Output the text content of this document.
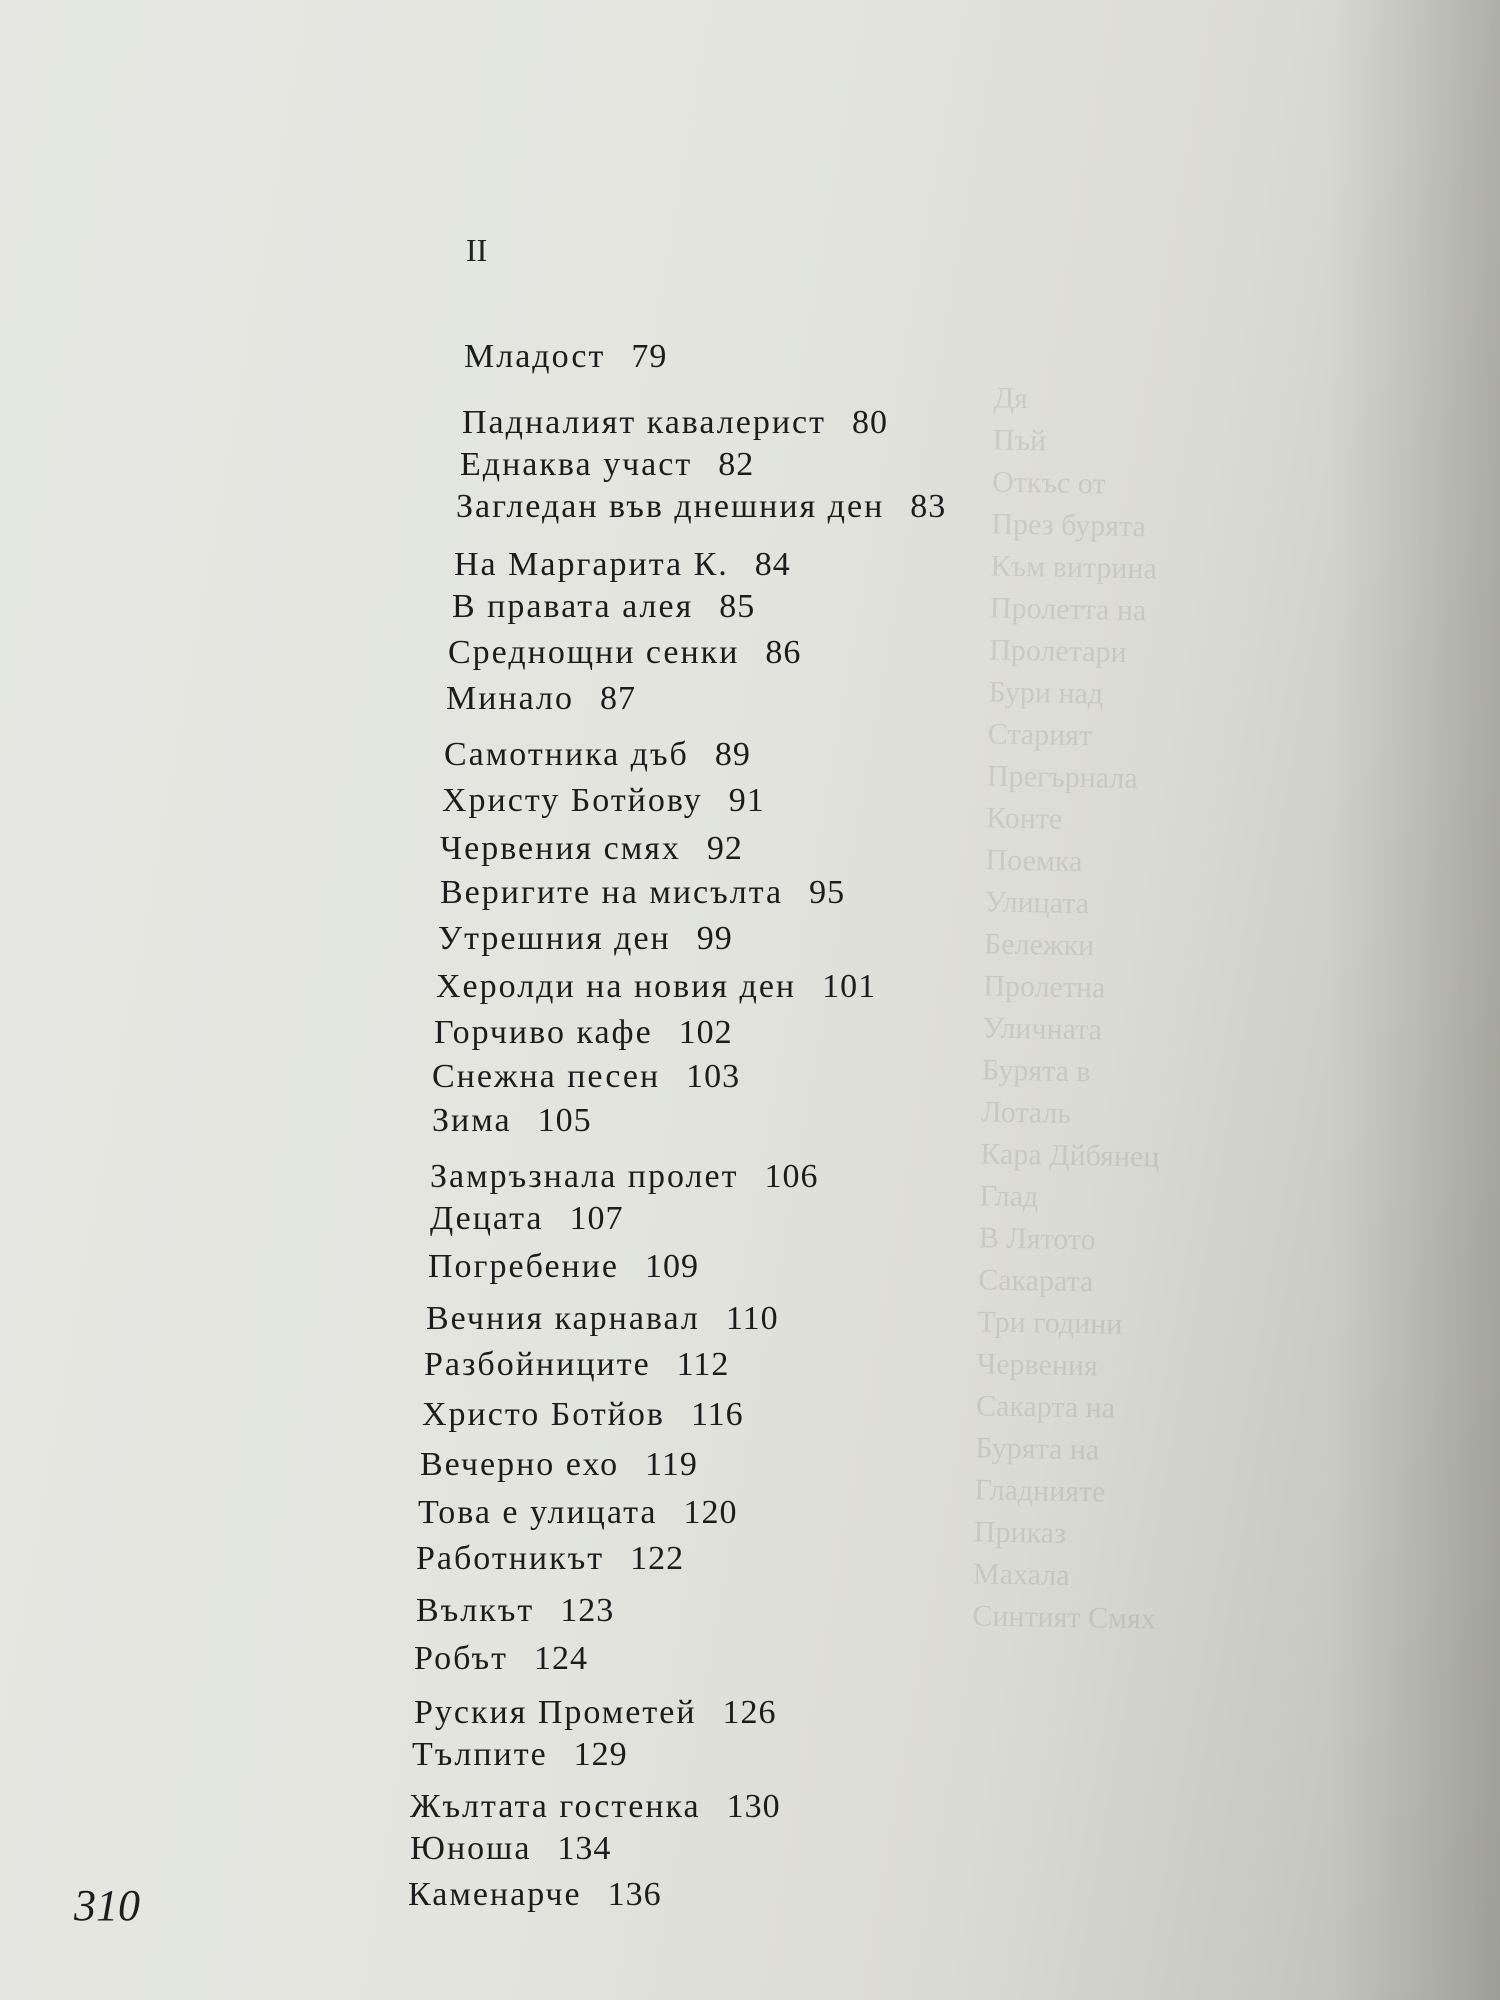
II
Младост 79
Падналият кавалерист 80
Еднаква участ 82
Загледан във днешния ден 83
На Маргарита К. 84
В правата алея 85
Среднощни сенки 86
Минало 87
Самотника дъб 89
Христу Ботйову 91
Червения смях 92
Веригите на мисълта 95
Утрешния ден 99
Херолди на новия ден 101
Горчиво кафе 102
Снежна песен 103
Зима 105
Замръзнала пролет 106
Децата 107
Погребение 109
Вечния карнавал 110
Разбойниците 112
Христо Ботйов 116
Вечерно ехо 119
Това е улицата 120
Работникът 122
Вълкът 123
Робът 124
Руския Прометей 126
Тълпите 129
Жълтата гостенка 130
Юноша 134
Каменарче 136
310
